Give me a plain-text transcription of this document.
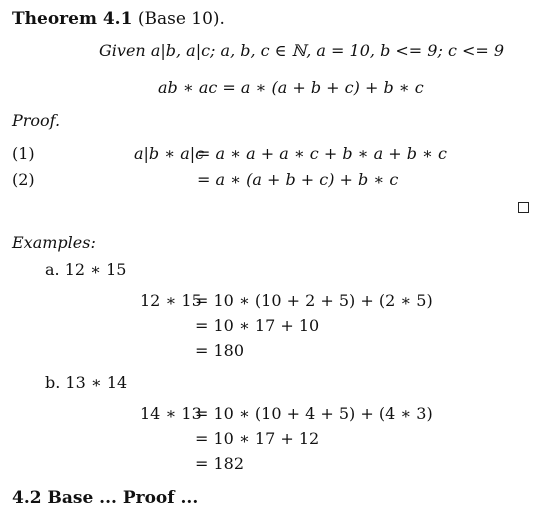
Theorem 4.1 (Base 10).
Given a|b, a|c; a, b, c ∈ ℕ, a = 10, b <= 9; c <= 9
ab ∗ ac = a ∗ (a + b + c) + b ∗ c
Proof.
(1)	a|b ∗ a|c
= a ∗ a + a ∗ c + b ∗ a + b ∗ c
(2)	= a ∗ (a + b + c) + b ∗ c
Examples:
a. 12 ∗ 15
12 ∗ 15
= 10 ∗ (10 + 2 + 5) + (2 ∗ 5)
= 10 ∗ 17 + 10
= 180
b. 13 ∗ 14
14 ∗ 13
= 10 ∗ (10 + 4 + 5) + (4 ∗ 3)
= 10 ∗ 17 + 12
= 182
4.2 Base ... Proof ...
